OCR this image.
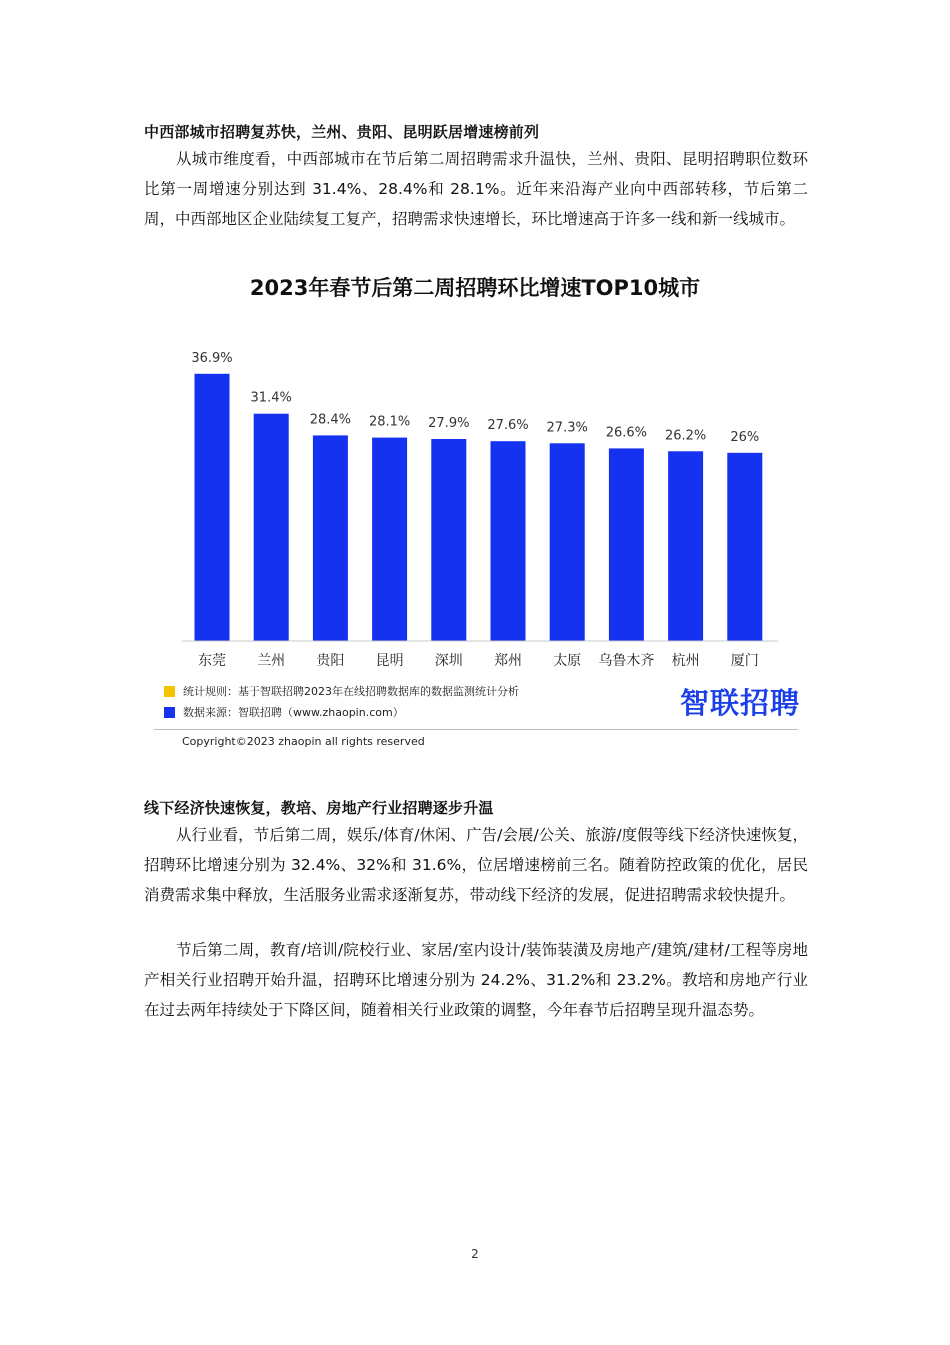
中西部城市招聘复苏快，兰州、贵阳、昆明跃居增速榜前列
从城市维度看，中西部城市在节后第二周招聘需求升温快，兰州、贵阳、昆明招聘职位数环比第一周增速分别达到 31.4%、28.4%和 28.1%。近年来沿海产业向中西部转移，节后第二周，中西部地区企业陆续复工复产，招聘需求快速增长，环比增速高于许多一线和新一线城市。
2023年春节后第二周招聘环比增速TOP10城市
36.9%
东莞
31.4%
兰州
28.4%
贵阳
28.1%
昆明
27.9%
深圳
27.6%
郑州
27.3%
太原
26.6%
乌鲁木齐
26.2%
杭州
26%
厦门
统计规则：基于智联招聘2023年在线招聘数据库的数据监测统计分析
数据来源：智联招聘（www.zhaopin.com）	智联招聘
Copyright©2023 zhaopin all rights reserved
线下经济快速恢复，教培、房地产行业招聘逐步升温
从行业看，节后第二周，娱乐/体育/休闲、广告/会展/公关、旅游/度假等线下经济快速恢复，招聘环比增速分别为 32.4%、32%和 31.6%，位居增速榜前三名。随着防控政策的优化，居民消费需求集中释放，生活服务业需求逐渐复苏，带动线下经济的发展，促进招聘需求较快提升。
节后第二周，教育/培训/院校行业、家居/室内设计/装饰装潢及房地产/建筑/建材/工程等房地产相关行业招聘开始升温，招聘环比增速分别为 24.2%、31.2%和 23.2%。教培和房地产行业在过去两年持续处于下降区间，随着相关行业政策的调整，今年春节后招聘呈现升温态势。
2
